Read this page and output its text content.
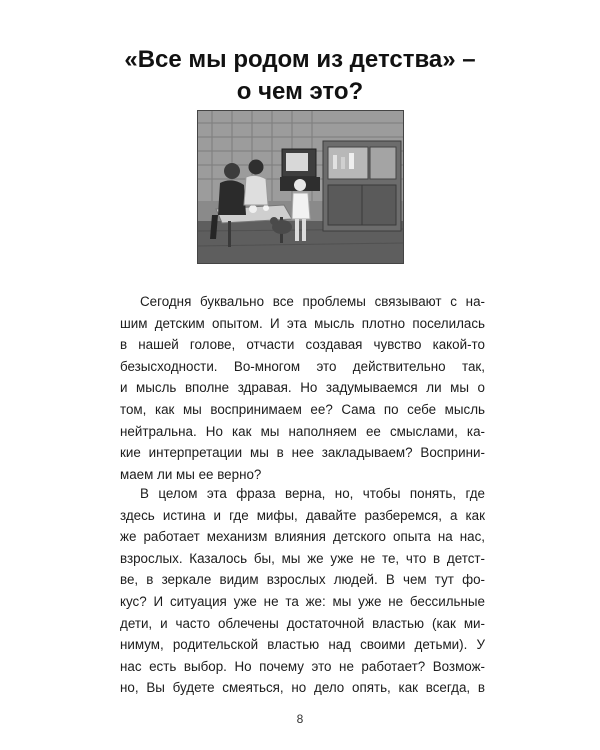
«Все мы родом из детства» –
о чем это?
Сегодня буквально все проблемы связывают с на-
шим детским опытом. И эта мысль плотно поселилась
в нашей голове, отчасти создавая чувство какой-то
безысходности. Во-многом это действительно так,
и мысль вполне здравая. Но задумываемся ли мы о
том, как мы воспринимаем ее? Сама по себе мысль
нейтральна. Но как мы наполняем ее смыслами, ка-
кие интерпретации мы в нее закладываем? Восприни-
маем ли мы ее верно?
В целом эта фраза верна, но, чтобы понять, где
здесь истина и где мифы, давайте разберемся, а как
же работает механизм влияния детского опыта на нас,
взрослых. Казалось бы, мы же уже не те, что в детст-
ве, в зеркале видим взрослых людей. В чем тут фо-
кус? И ситуация уже не та же: мы уже не бессильные
дети, и часто облечены достаточной властью (как ми-
нимум, родительской властью над своими детьми). У
нас есть выбор. Но почему это не работает? Возмож-
но, Вы будете смеяться, но дело опять, как всегда, в
8
